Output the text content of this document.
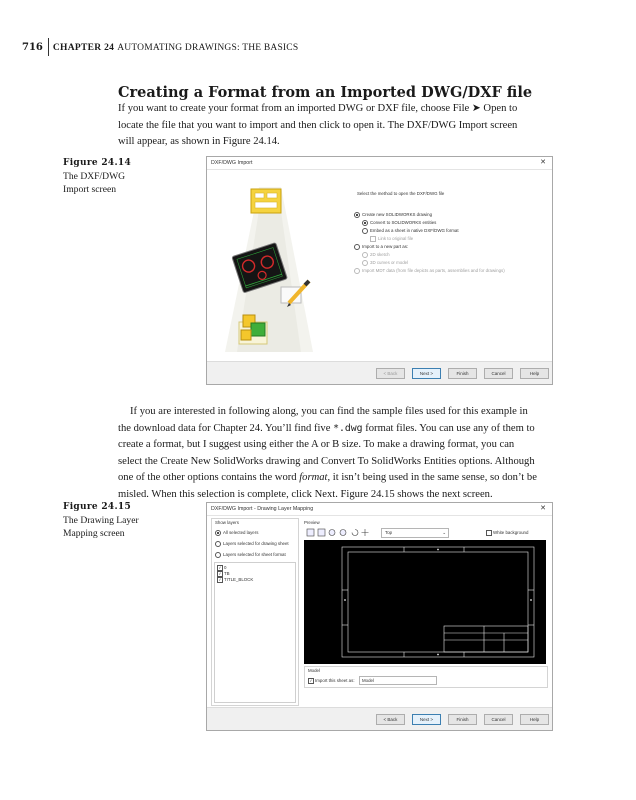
716 CHAPTER 24 AUTOMATING DRAWINGS: THE BASICS
Creating a Format from an Imported DWG/DXF file

If you want to create your format from an imported DWG or DXF file, choose File ➤ Open to
locate the file that you want to import and then click to open it. The DXF/DWG Import screen
will appear, as shown in Figure 24.14.

Figure 24.14
The DXF/DWG
Import screen
DXF/DWG Import	✕
Select the method to open the DXF/DWG file
Create new SOLIDWORKS drawing
Convert to SOLIDWORKS entities
Embed as a sheet in native DXF/DWG format
Link to original file
Import to a new part as:
2D sketch
3D curves or model
Import MDT data (from file depicts as parts, assemblies and for drawings)
< Back	Next >	Finish	Cancel	Help

If you are interested in following along, you can find the sample files used for this example in
the download data for Chapter 24. You’ll find five *.dwg format files. You can use any of them to
create a format, but I suggest using either the A or B size. To make a drawing format, you can
select the Create New SolidWorks drawing and Convert To SolidWorks Entities options. Although
one of the other options contains the word format, it isn’t being used in the same sense, so don’t be
misled. When this selection is complete, click Next. Figure 24.15 shows the next screen.

Figure 24.15
The Drawing Layer
Mapping screen
DXF/DWG Import - Drawing Layer Mapping	✕
Show layers
All selected layers
Layers selected for drawing sheet
Layers selected for sheet format
✓ 0
✓ TB
✓ TITLE_BLOCK
Preview
Top	⌄	White background
Model
✓ Import this sheet as: Model
< Back	Next >	Finish	Cancel	Help
